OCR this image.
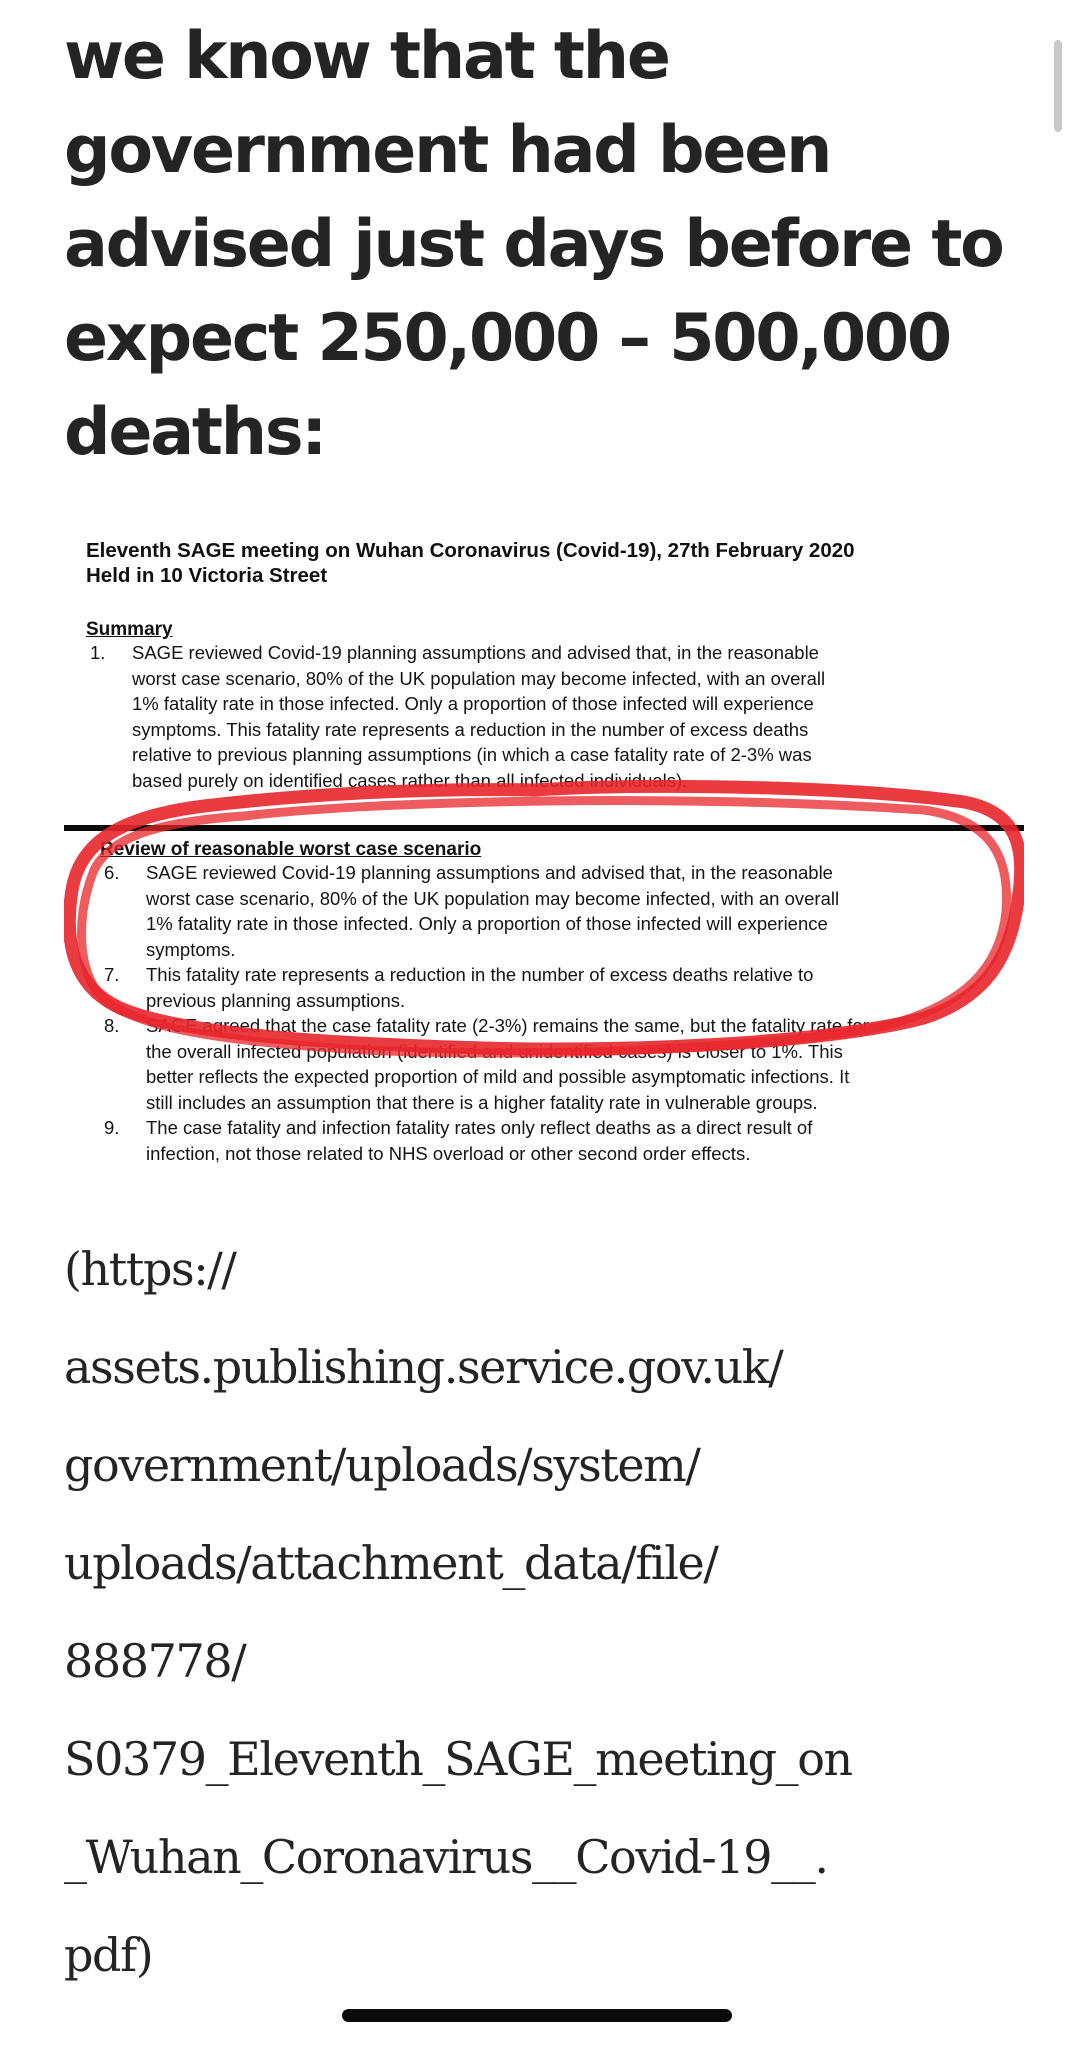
we know that the
government had been
advised just days before to
expect 250,000 – 500,000
deaths:
Eleventh SAGE meeting on Wuhan Coronavirus (Covid-19), 27th February 2020
Held in 10 Victoria Street
Summary
1. SAGE reviewed Covid-19 planning assumptions and advised that, in the reasonable
worst case scenario, 80% of the UK population may become infected, with an overall
1% fatality rate in those infected. Only a proportion of those infected will experience
symptoms. This fatality rate represents a reduction in the number of excess deaths
relative to previous planning assumptions (in which a case fatality rate of 2-3% was
based purely on identified cases rather than all infected individuals).
Review of reasonable worst case scenario
6. SAGE reviewed Covid-19 planning assumptions and advised that, in the reasonable
worst case scenario, 80% of the UK population may become infected, with an overall
1% fatality rate in those infected. Only a proportion of those infected will experience
symptoms.
7. This fatality rate represents a reduction in the number of excess deaths relative to
previous planning assumptions.
8. SAGE agreed that the case fatality rate (2-3%) remains the same, but the fatality rate for
the overall infected population (identified and unidentified cases) is closer to 1%. This
better reflects the expected proportion of mild and possible asymptomatic infections. It
still includes an assumption that there is a higher fatality rate in vulnerable groups.
9. The case fatality and infection fatality rates only reflect deaths as a direct result of
infection, not those related to NHS overload or other second order effects.

(https://
assets.publishing.service.gov.uk/
government/uploads/system/
uploads/attachment_data/file/
888778/
S0379_Eleventh_SAGE_meeting_on
_Wuhan_Coronavirus__Covid-19__.
pdf)
